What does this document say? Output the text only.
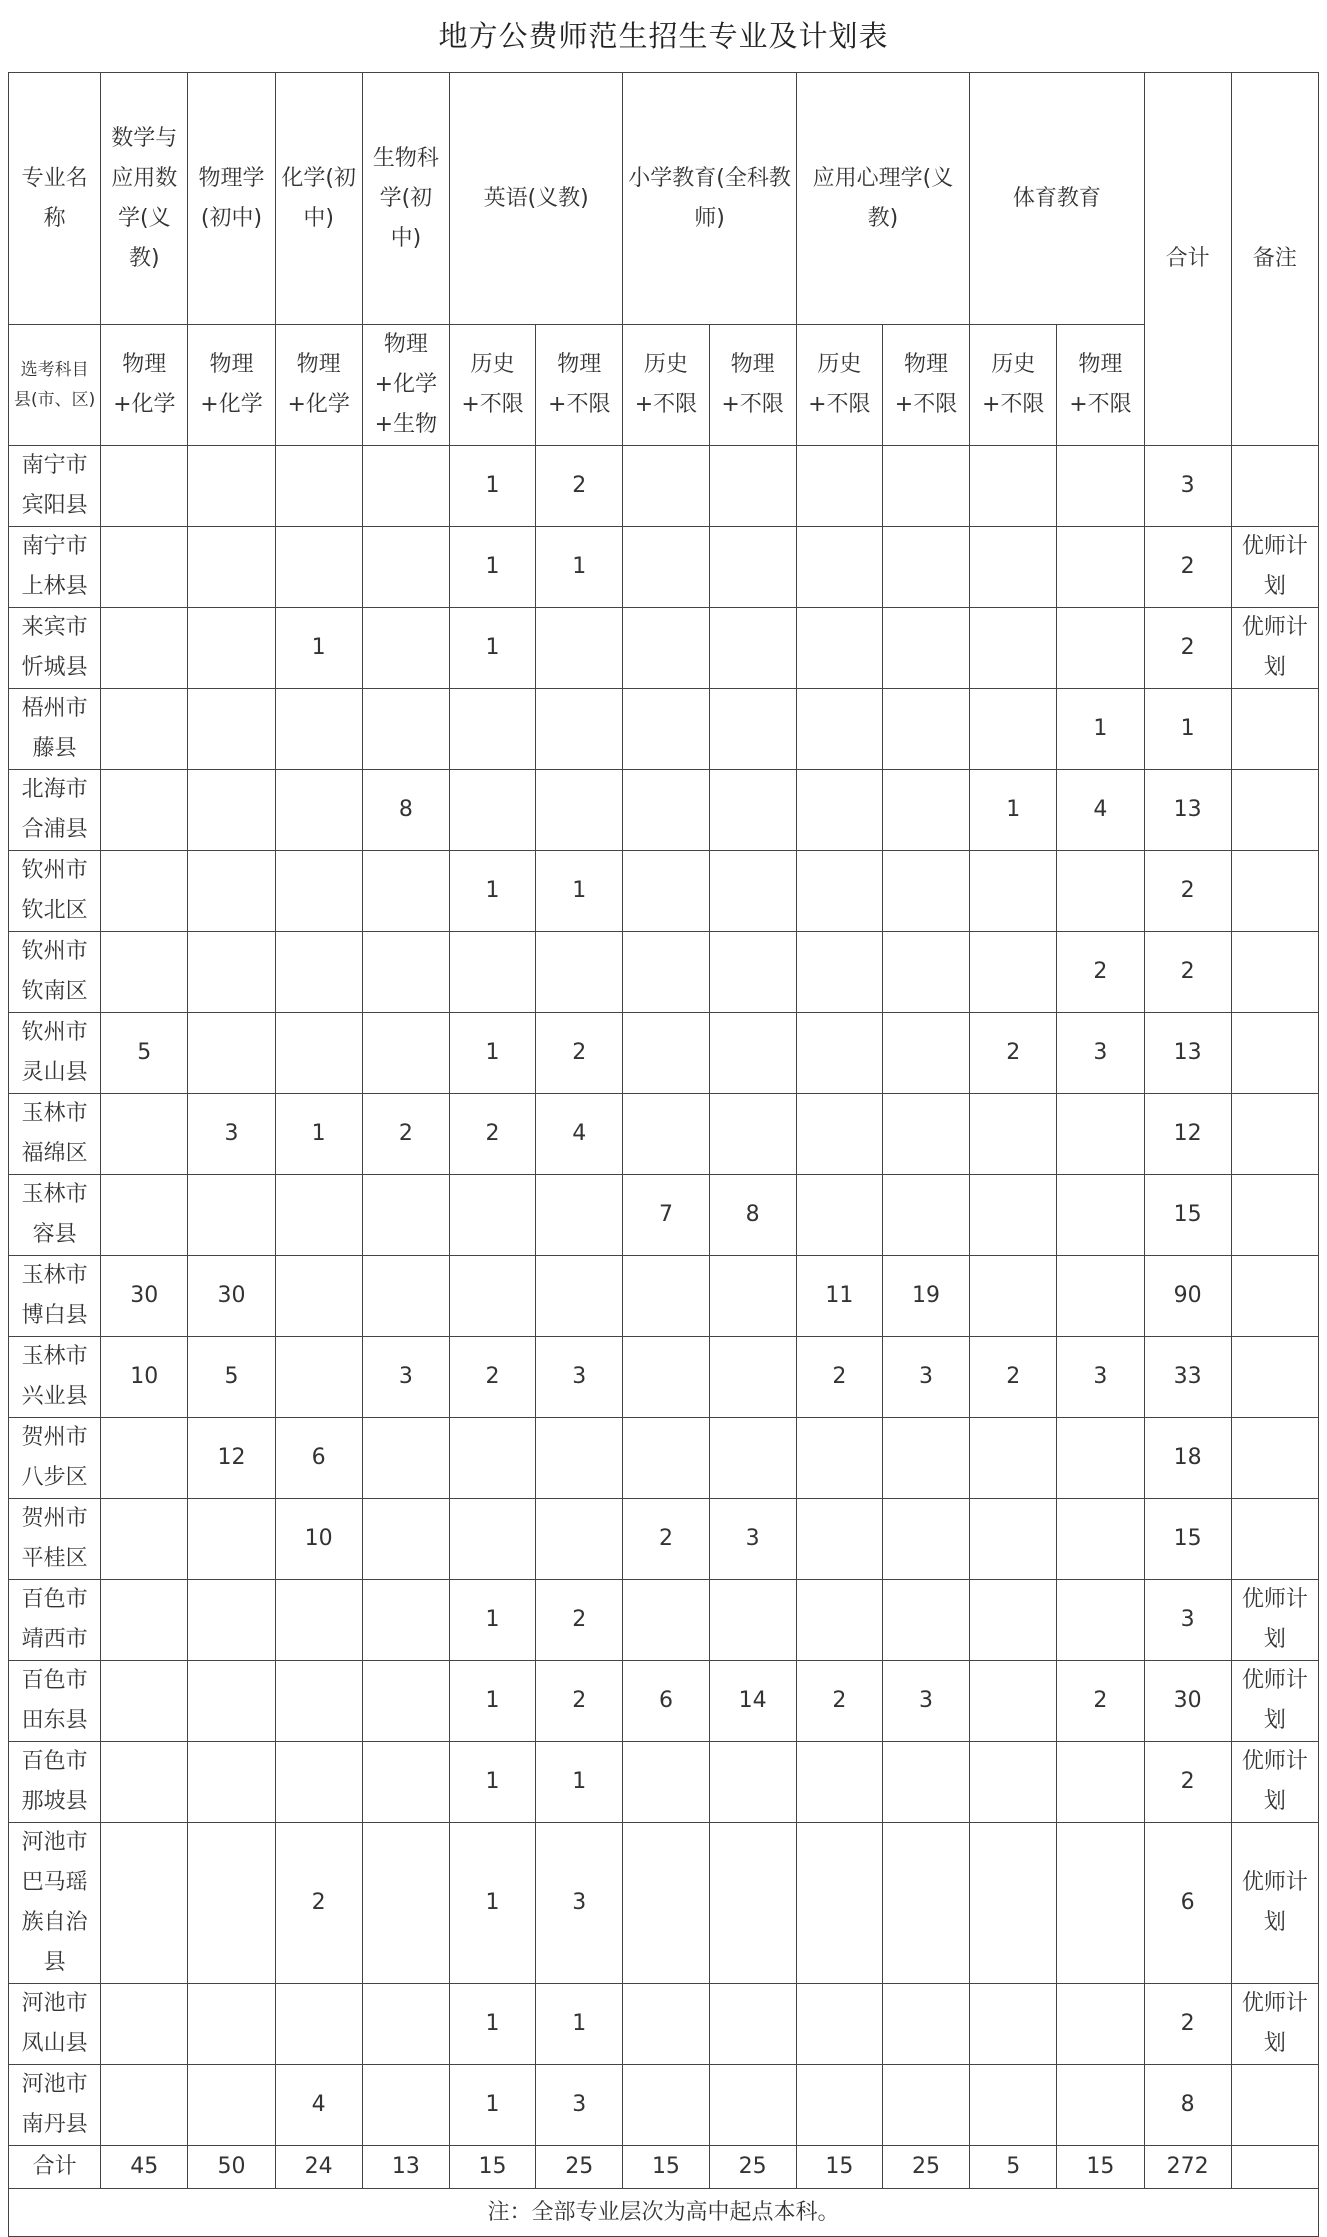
地方公费师范生招生专业及计划表
专业名称	数学与应用数学(义教)	物理学(初中)	化学(初中)	生物科学(初中)	英语(义教)		小学教育(全科教师)		应用心理学(义教)		体育教育		合计	备注
选考科目县(市、区)	物理+化学	物理+化学	物理+化学	物理+化学+生物	历史+不限	物理+不限	历史+不限	物理+不限	历史+不限	物理+不限	历史+不限	物理+不限		
南宁市宾阳县					1	2							3	
南宁市上林县					1	1							2	优师计划
来宾市忻城县			1		1								2	优师计划
梧州市藤县												1	1	
北海市合浦县				8							1	4	13	
钦州市钦北区					1	1							2	
钦州市钦南区												2	2	
钦州市灵山县	5				1	2					2	3	13	
玉林市福绵区		3	1	2	2	4							12	
玉林市容县							7	8					15	
玉林市博白县	30	30							11	19			90	
玉林市兴业县	10	5		3	2	3			2	3	2	3	33	
贺州市八步区		12	6										18	
贺州市平桂区			10				2	3					15	
百色市靖西市					1	2							3	优师计划
百色市田东县					1	2	6	14	2	3		2	30	优师计划
百色市那坡县					1	1							2	优师计划
河池市巴马瑶族自治县			2		1	3							6	优师计划
河池市凤山县					1	1							2	优师计划
河池市南丹县			4		1	3							8	
合计	45	50	24	13	15	25	15	25	15	25	5	15	272	
注：全部专业层次为高中起点本科。														
